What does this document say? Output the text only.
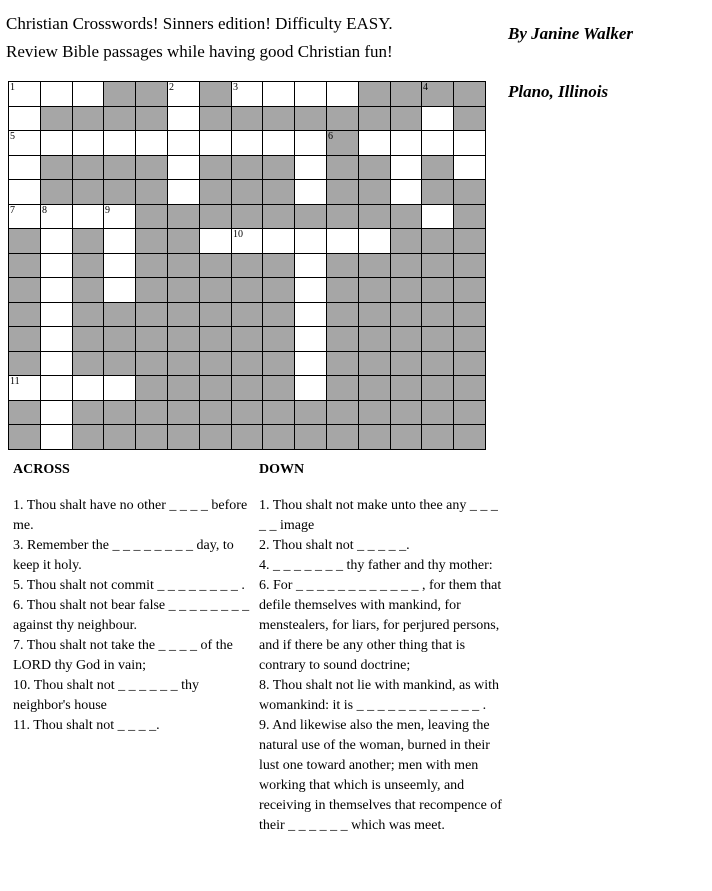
Christian Crosswords! Sinners edition! Difficulty EASY.
Review Bible passages while having good Christian fun!
By Janine Walker
Plano, Illinois
1	2	3	4
5	6
7	8	9
10
11
ACROSS

1. Thou shalt have no other _ _ _ _ before me.

3. Remember the _ _ _ _ _ _ _ _ day, to keep it holy.

5. Thou shalt not commit _ _ _ _ _ _ _ _ .

6. Thou shalt not bear false _ _ _ _ _ _ _ _ against thy neighbour.

7. Thou shalt not take the _ _ _ _ of the LORD thy God in vain;

10. Thou shalt not _ _ _ _ _ _ thy neighbor's house

11. Thou shalt not _ _ _ _.

DOWN

1. Thou shalt not make unto thee any _ _ _ _ _ image

2. Thou shalt not _ _ _ _ _.

4. _ _ _ _ _ _ _ thy father and thy mother:

6. For _ _ _ _ _ _ _ _ _ _ _ _ , for them that defile themselves with mankind, for menstealers, for liars, for perjured persons, and if there be any other thing that is contrary to sound doctrine;

8. Thou shalt not lie with mankind, as with womankind: it is _ _ _ _ _ _ _ _ _ _ _ _ .

9. And likewise also the men, leaving the natural use of the woman, burned in their lust one toward another; men with men working that which is unseemly, and receiving in themselves that recompence of their _ _ _ _ _ _ which was meet.
